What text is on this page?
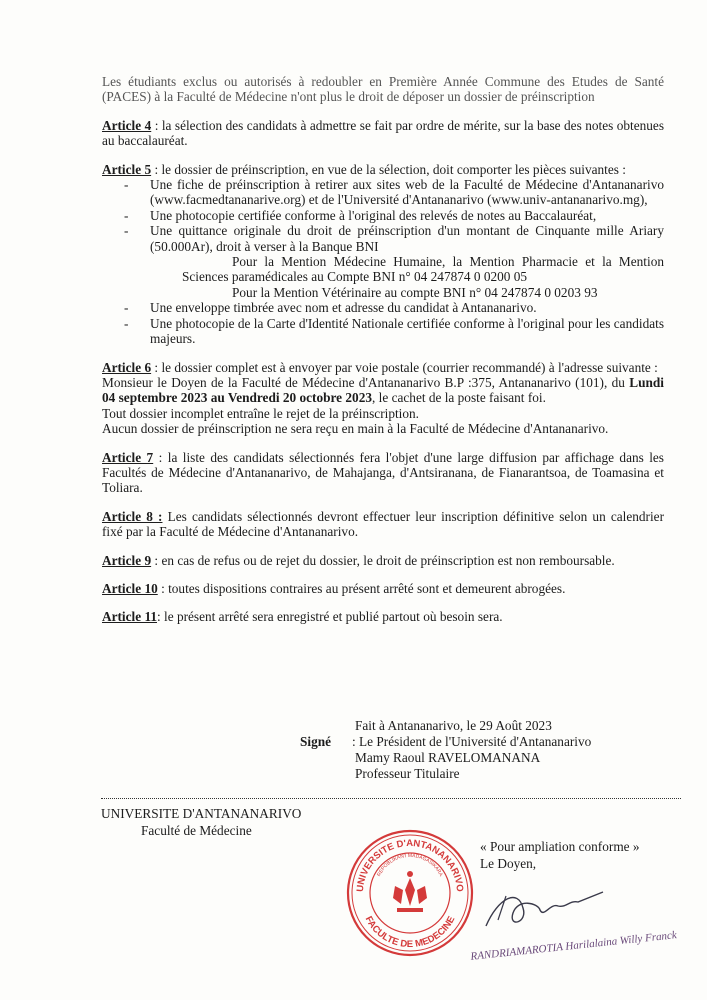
Les étudiants exclus ou autorisés à redoubler en Première Année Commune des Etudes de Santé (PACES) à la Faculté de Médecine n'ont plus le droit de déposer un dossier de préinscription

Article 4 : la sélection des candidats à admettre se fait par ordre de mérite, sur la base des notes obtenues au baccalauréat.

Article 5 : le dossier de préinscription, en vue de la sélection, doit comporter les pièces suivantes :
- Une fiche de préinscription à retirer aux sites web de la Faculté de Médecine d'Antananarivo (www.facmedtananarive.org) et de l'Université d'Antananarivo (www.univ-antananarivo.mg),
- Une photocopie certifiée conforme à l'original des relevés de notes au Baccalauréat,
- Une quittance originale du droit de préinscription d'un montant de Cinquante mille Ariary (50.000Ar), droit à verser à la Banque BNI
Pour la Mention Médecine Humaine, la Mention Pharmacie et la Mention Sciences paramédicales au Compte BNI n° 04 247874 0 0200 05
Pour la Mention Vétérinaire au compte BNI n° 04 247874 0 0203 93
- Une enveloppe timbrée avec nom et adresse du candidat à Antananarivo.
- Une photocopie de la Carte d'Identité Nationale certifiée conforme à l'original pour les candidats majeurs.
Article 6 : le dossier complet est à envoyer par voie postale (courrier recommandé) à l'adresse suivante :
Monsieur le Doyen de la Faculté de Médecine d'Antananarivo B.P :375, Antananarivo (101), du Lundi 04 septembre 2023 au Vendredi 20 octobre 2023, le cachet de la poste faisant foi.
Tout dossier incomplet entraîne le rejet de la préinscription.
Aucun dossier de préinscription ne sera reçu en main à la Faculté de Médecine d'Antananarivo.

Article 7 : la liste des candidats sélectionnés fera l'objet d'une large diffusion par affichage dans les Facultés de Médecine d'Antananarivo, de Mahajanga, d'Antsiranana, de Fianarantsoa, de Toamasina et Toliara.

Article 8 : Les candidats sélectionnés devront effectuer leur inscription définitive selon un calendrier fixé par la Faculté de Médecine d'Antananarivo.

Article 9 : en cas de refus ou de rejet du dossier, le droit de préinscription est non remboursable.

Article 10 : toutes dispositions contraires au présent arrêté sont et demeurent abrogées.

Article 11: le présent arrêté sera enregistré et publié partout où besoin sera.

Fait à Antananarivo, le 29 Août 2023
Signé	: Le Président de l'Université d'Antananarivo
Mamy Raoul RAVELOMANANA
Professeur Titulaire
UNIVERSITE D'ANTANANARIVO
Faculté de Médecine
« Pour ampliation conforme »
Le Doyen,
UNIVERSITE D'ANTANANARIVO
FACULTE DE MEDECINE
REPOBLIKAN'I MADAGASIKARA
RANDRIAMAROTIA Harilalaina Willy Franck
